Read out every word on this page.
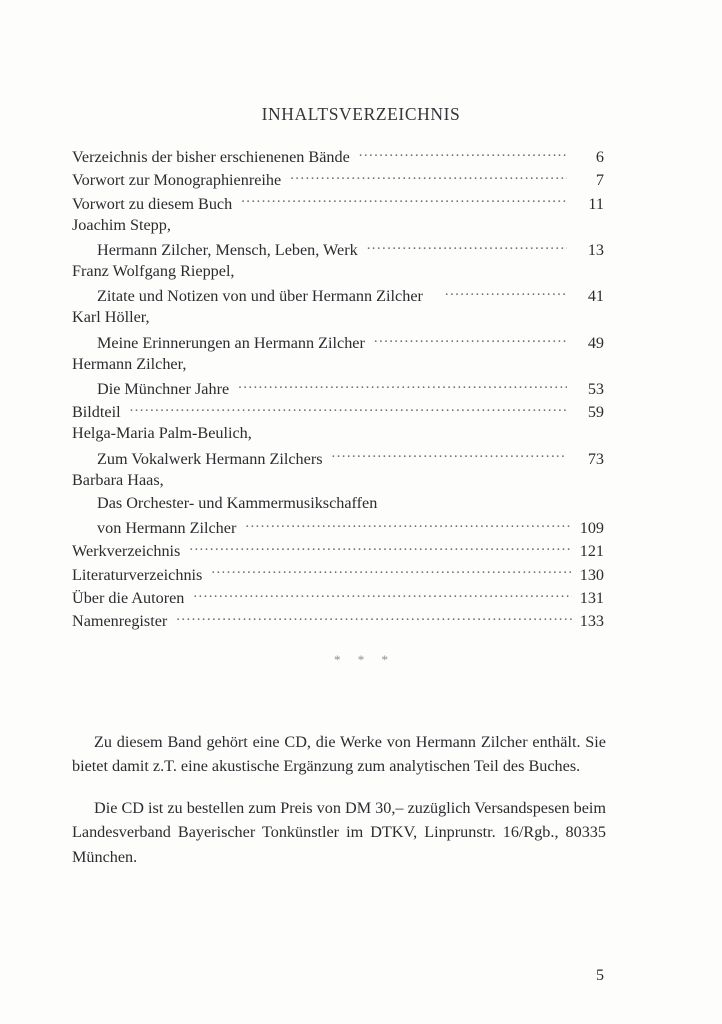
INHALTSVERZEICHNIS
Verzeichnis der bisher erschienenen Bände .....	6
Vorwort zur Monographienreihe .....	7
Vorwort zu diesem Buch .....	11
Joachim Stepp,
Hermann Zilcher, Mensch, Leben, Werk .....	13
Franz Wolfgang Rieppel,
Zitate und Notizen von und über Hermann Zilcher .....	41
Karl Höller,
Meine Erinnerungen an Hermann Zilcher .....	49
Hermann Zilcher,
Die Münchner Jahre .....	53
Bildteil .....	59
Helga-Maria Palm-Beulich,
Zum Vokalwerk Hermann Zilchers .....	73
Barbara Haas,
Das Orchester- und Kammermusikschaffen
von Hermann Zilcher .....	109
Werkverzeichnis .....	121
Literaturverzeichnis .....	130
Über die Autoren .....	131
Namenregister .....	133
* * *

Zu diesem Band gehört eine CD, die Werke von Hermann Zilcher enthält. Sie bietet damit z.T. eine akustische Ergänzung zum analytischen Teil des Buches.

Die CD ist zu bestellen zum Preis von DM 30,– zuzüglich Versandspesen beim Landesverband Bayerischer Tonkünstler im DTKV, Linprunstr. 16/Rgb., 80335 München.

5
